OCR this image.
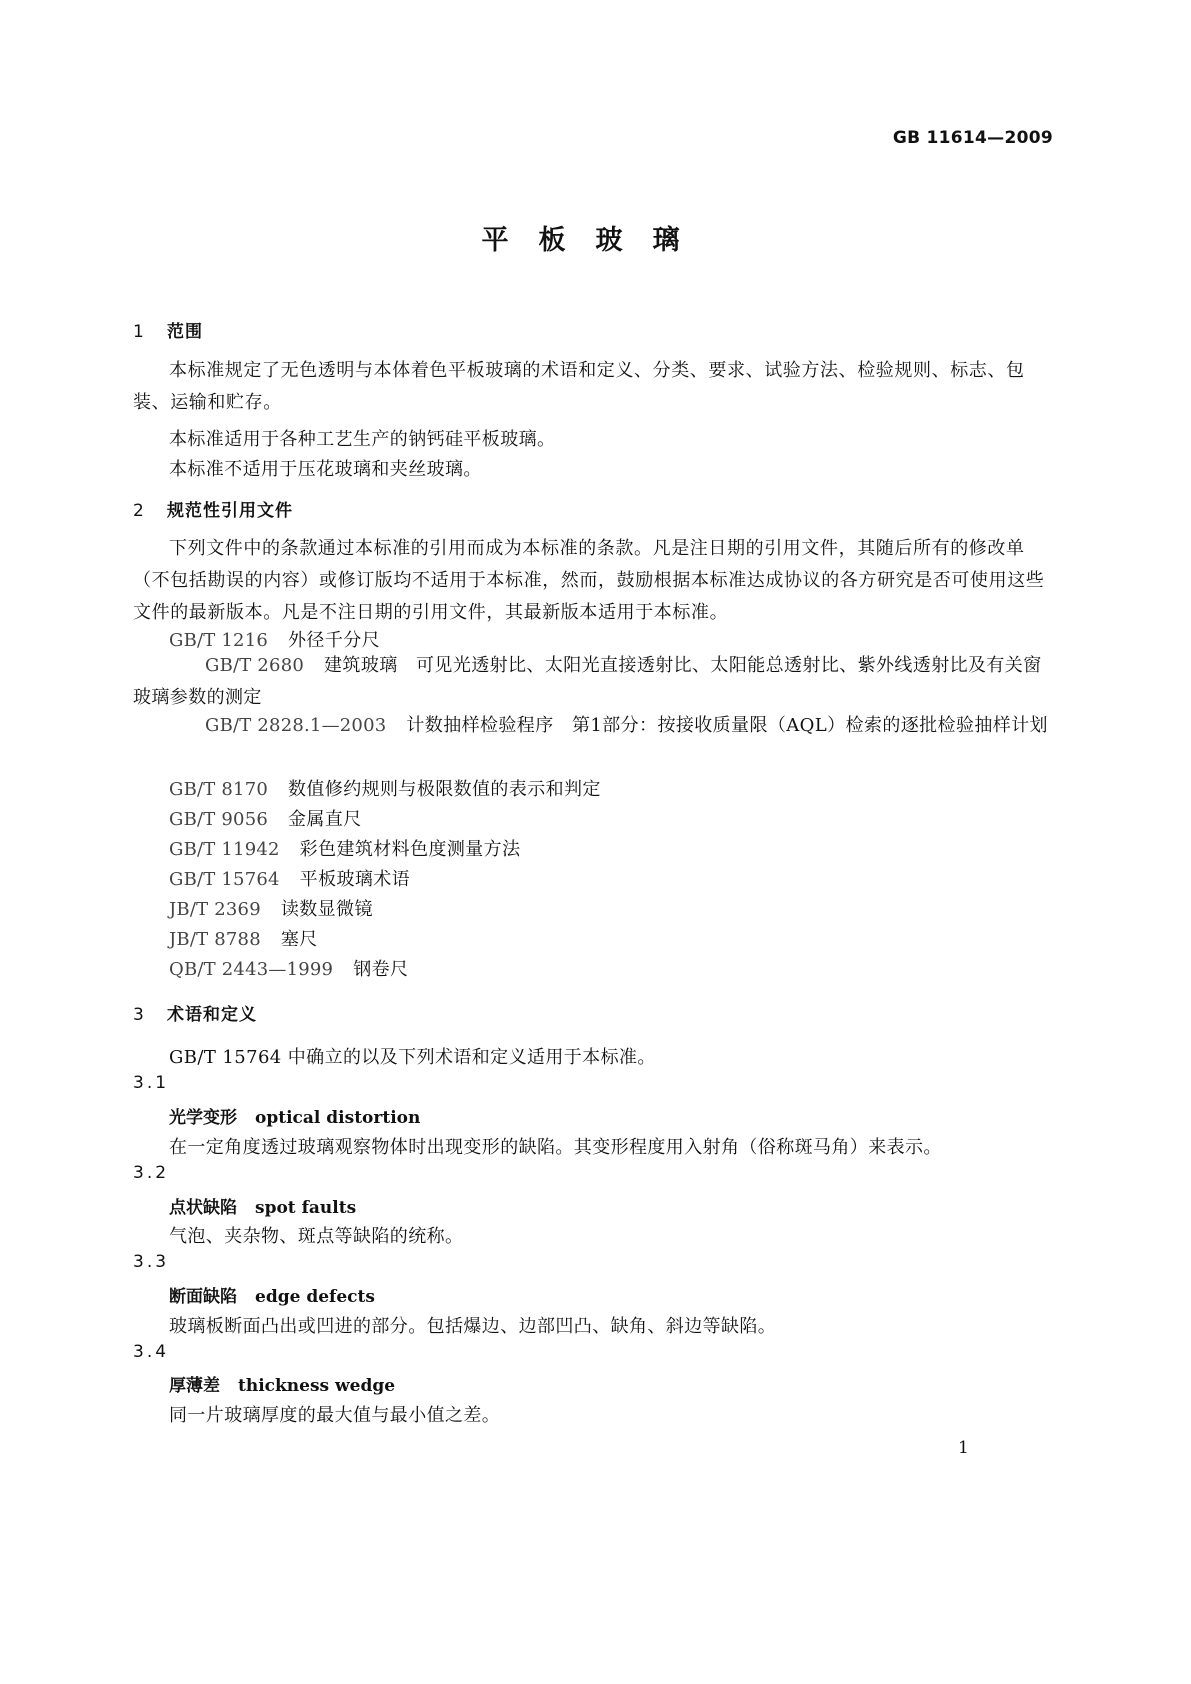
GB 11614—2009
平板玻璃
1 范围
本标准规定了无色透明与本体着色平板玻璃的术语和定义、分类、要求、试验方法、检验规则、标志、包装、运输和贮存。
本标准适用于各种工艺生产的钠钙硅平板玻璃。
本标准不适用于压花玻璃和夹丝玻璃。
2 规范性引用文件
下列文件中的条款通过本标准的引用而成为本标准的条款。凡是注日期的引用文件，其随后所有的修改单（不包括勘误的内容）或修订版均不适用于本标准，然而，鼓励根据本标准达成协议的各方研究是否可使用这些文件的最新版本。凡是不注日期的引用文件，其最新版本适用于本标准。
GB/T 1216 外径千分尺
GB/T 2680 建筑玻璃　可见光透射比、太阳光直接透射比、太阳能总透射比、紫外线透射比及有关窗玻璃参数的测定
GB/T 2828.1—2003 计数抽样检验程序　第1部分：按接收质量限（AQL）检索的逐批检验抽样计划
GB/T 8170 数值修约规则与极限数值的表示和判定
GB/T 9056 金属直尺
GB/T 11942 彩色建筑材料色度测量方法
GB/T 15764 平板玻璃术语
JB/T 2369 读数显微镜
JB/T 8788 塞尺
QB/T 2443—1999 钢卷尺
3 术语和定义
GB/T 15764 中确立的以及下列术语和定义适用于本标准。
3.1
光学变形 optical distortion
在一定角度透过玻璃观察物体时出现变形的缺陷。其变形程度用入射角（俗称斑马角）来表示。
3.2
点状缺陷 spot faults
气泡、夹杂物、斑点等缺陷的统称。
3.3
断面缺陷 edge defects
玻璃板断面凸出或凹进的部分。包括爆边、边部凹凸、缺角、斜边等缺陷。
3.4
厚薄差 thickness wedge
同一片玻璃厚度的最大值与最小值之差。
1
